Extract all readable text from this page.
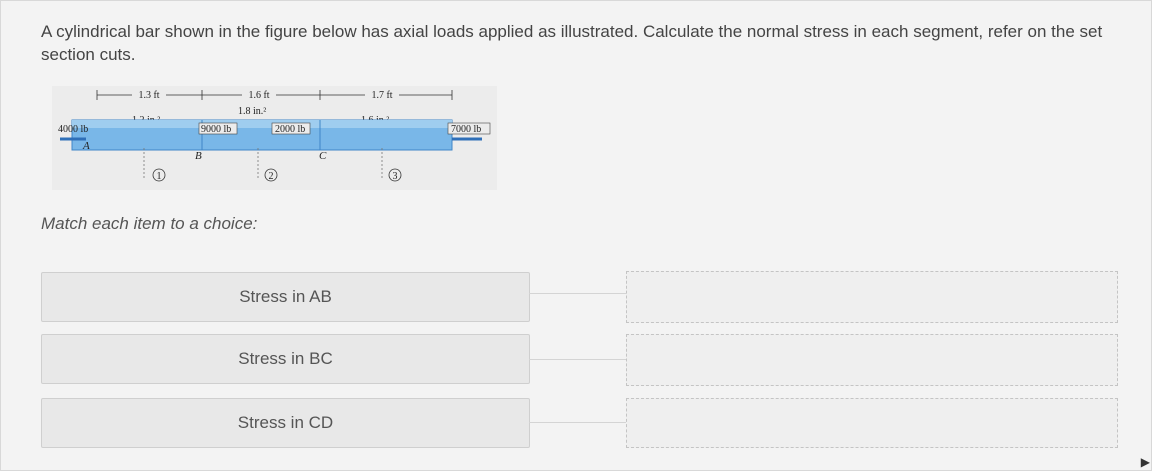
A cylindrical bar shown in the figure below has axial loads applied as illustrated. Calculate the normal stress in each segment, refer on the set section cuts.
1.3 ft	1.6 ft	1.7 ft
1.8 in.²
4000 lb	9000 lb	2000 lb	7000 lb
A
B	C
1	2	3
Match each item to a choice:
Stress in AB
Stress in BC
Stress in CD
▶
